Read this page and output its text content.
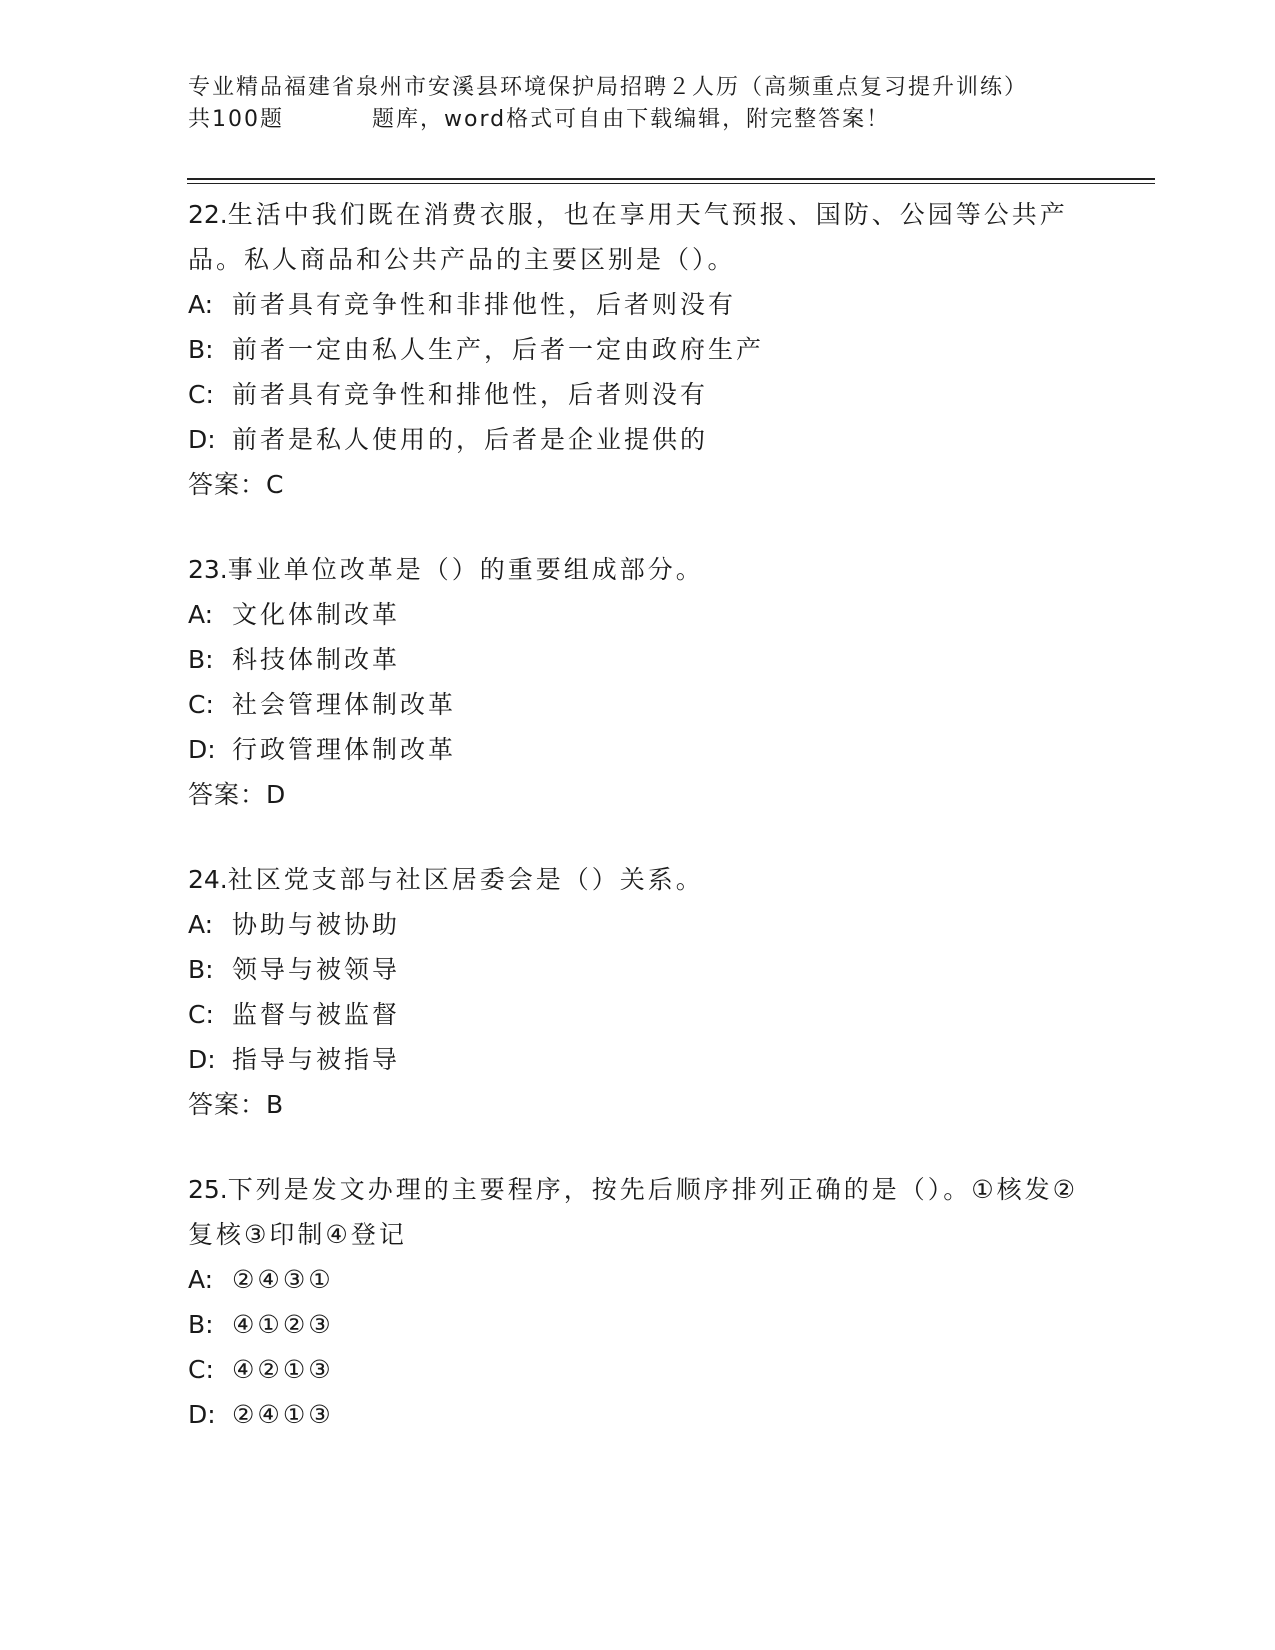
专业精品福建省泉州市安溪县环境保护局招聘２人历（高频重点复习提升训练）
共100题	题库，word格式可自由下载编辑，附完整答案！
22.生活中我们既在消费衣服，也在享用天气预报、国防、公园等公共产品。私人商品和公共产品的主要区别是（）。
A: 前者具有竞争性和非排他性，后者则没有
B: 前者一定由私人生产，后者一定由政府生产
C: 前者具有竞争性和排他性，后者则没有
D: 前者是私人使用的，后者是企业提供的
答案：C
23.事业单位改革是（）的重要组成部分。
A: 文化体制改革
B: 科技体制改革
C: 社会管理体制改革
D: 行政管理体制改革
答案：D
24.社区党支部与社区居委会是（）关系。
A: 协助与被协助
B: 领导与被领导
C: 监督与被监督
D: 指导与被指导
答案：B
25.下列是发文办理的主要程序，按先后顺序排列正确的是（）。①核发②复核③印制④登记
A: ②④③①
B: ④①②③
C: ④②①③
D: ②④①③
